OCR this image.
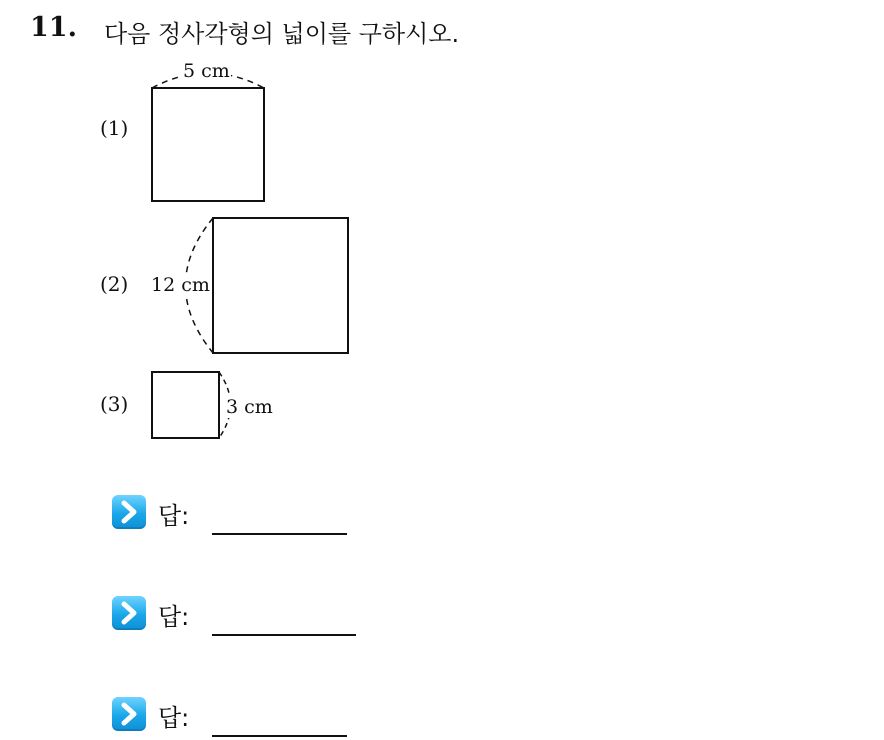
11. 다음 정사각형의 넓이를 구하시오.
(1)
(2)
(3)
5 cm
12 cm
3 cm
답:
답:
답:
